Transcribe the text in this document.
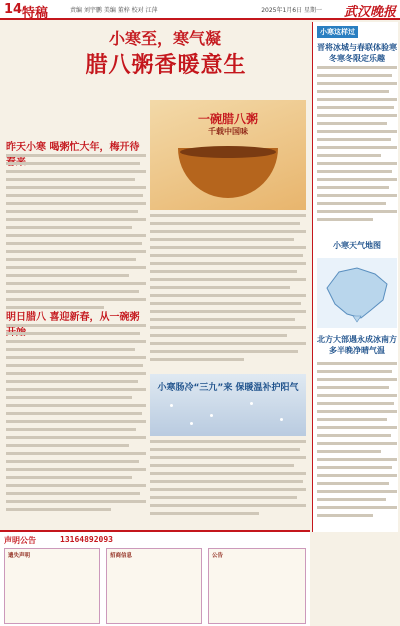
14 特稿	责编 刘宇鹏 美编 董梓 校对 江萍	2025年1月6日 星期一 武汉晚报
小寒至，寒气凝
腊八粥香暖意生
一碗腊八粥
千载中国味
昨天小寒 喝粥忙大年，梅开待
明日腊八 喜迎新春，从一碗粥
小寒肠冷“三九”来 保暖温补护阳气
小寒这样过
晋将冰城与春联体验寒冬寒冬限定乐趣
小寒天气地图
北方大部遇永成冰南方多半晚净晴气温
声明公告	13164892093
遗失声明	招商信息	公告
